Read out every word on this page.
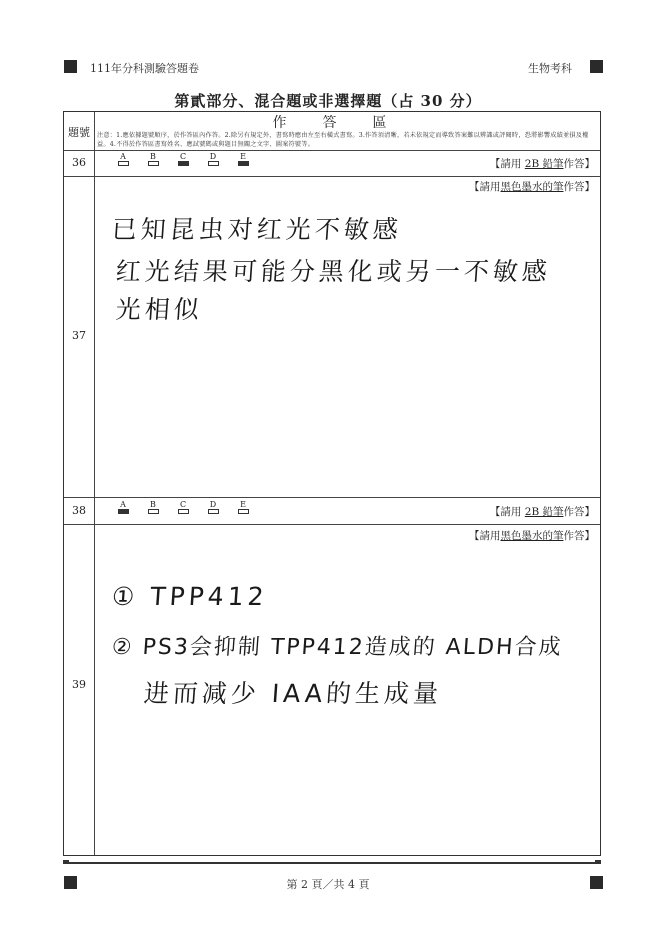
111年分科測驗答題卷	生物考科
第貳部分、混合題或非選擇題（占 30 分）
題號
作答區
注意：1.應依據題號順序，於作答區內作答。2.除另有規定外，書寫時應由左至右橫式書寫。3.作答須清晰，若未依規定而導致答案難以辨識或評閱時，恐將影響成績並損及權益。4.不得於作答區書寫姓名、應試號碼或與題目無關之文字、圖案符號等。
36	A	B	C	D	E
【請用 2B 鉛筆作答】
【請用黑色墨水的筆作答】
37
已知昆虫对红光不敏感
红光结果可能分黑化或另一不敏感
光相似
38	A	B	C	D	E
【請用 2B 鉛筆作答】
【請用黑色墨水的筆作答】
39
① TPP412
② PS3会抑制 TPP412造成的 ALDH合成
进而减少 IAA的生成量
第 2 頁／共 4 頁
